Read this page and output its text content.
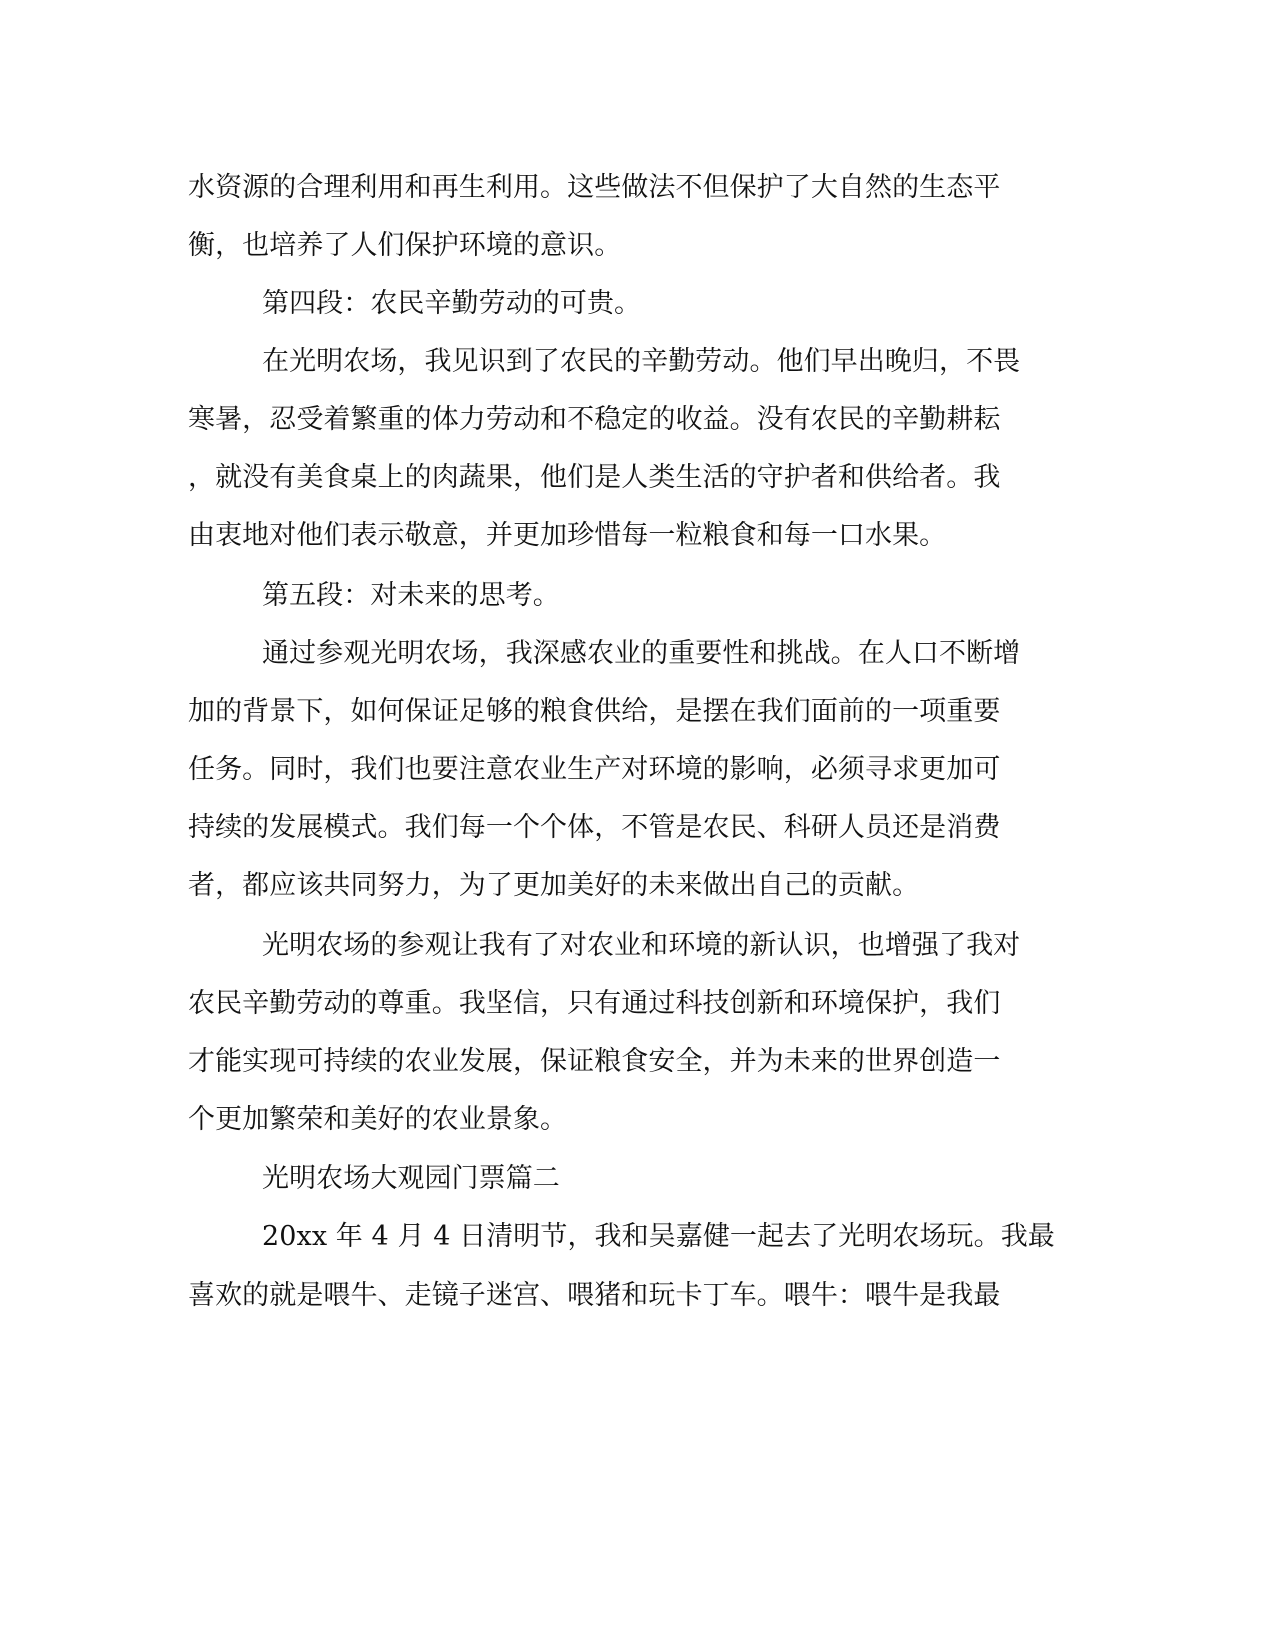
水资源的合理利用和再生利用。这些做法不但保护了大自然的生态平
衡，也培养了人们保护环境的意识。
第四段：农民辛勤劳动的可贵。
在光明农场，我见识到了农民的辛勤劳动。他们早出晚归，不畏
寒暑，忍受着繁重的体力劳动和不稳定的收益。没有农民的辛勤耕耘
，就没有美食桌上的肉蔬果，他们是人类生活的守护者和供给者。我
由衷地对他们表示敬意，并更加珍惜每一粒粮食和每一口水果。
第五段：对未来的思考。
通过参观光明农场，我深感农业的重要性和挑战。在人口不断增
加的背景下，如何保证足够的粮食供给，是摆在我们面前的一项重要
任务。同时，我们也要注意农业生产对环境的影响，必须寻求更加可
持续的发展模式。我们每一个个体，不管是农民、科研人员还是消费
者，都应该共同努力，为了更加美好的未来做出自己的贡献。
光明农场的参观让我有了对农业和环境的新认识，也增强了我对
农民辛勤劳动的尊重。我坚信，只有通过科技创新和环境保护，我们
才能实现可持续的农业发展，保证粮食安全，并为未来的世界创造一
个更加繁荣和美好的农业景象。
光明农场大观园门票篇二
20xx 年 4 月 4 日清明节，我和吴嘉健一起去了光明农场玩。我最
喜欢的就是喂牛、走镜子迷宫、喂猪和玩卡丁车。喂牛：喂牛是我最
